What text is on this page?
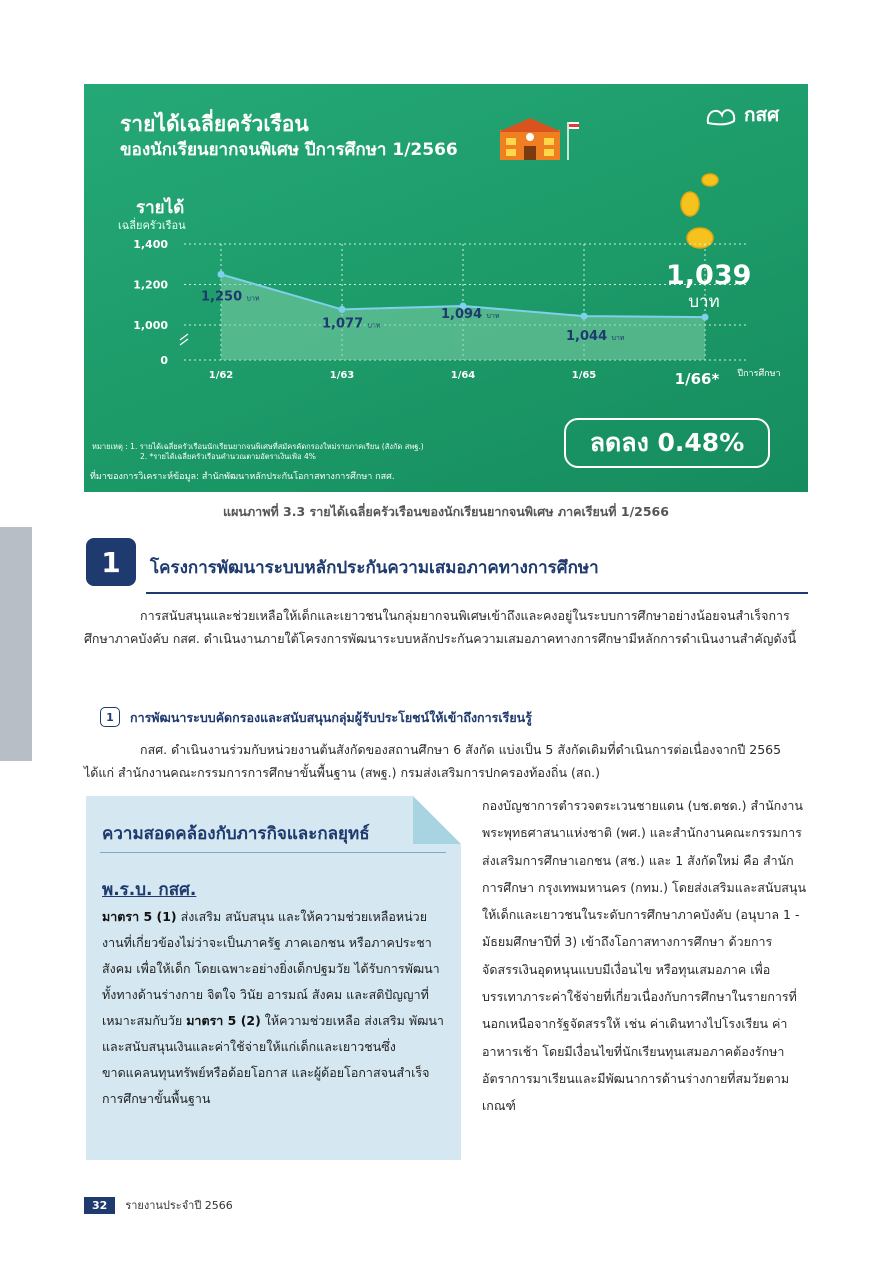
รายได้เฉลี่ยครัวเรือน
ของนักเรียนยากจนพิเศษ ปีการศึกษา 1/2566
กสศ
รายได้
เฉลี่ยครัวเรือน
0
1,000
1,200
1,400
1,250 บาท
1,077 บาท
1,094 บาท
1,044 บาท
1/62	1/63	1/64	1/65	1/66* ปีการศึกษา
1,039
บาท
หมายเหตุ : 1. รายได้เฉลี่ยครัวเรือนนักเรียนยากจนพิเศษที่สมัครคัดกรองใหม่รายภาคเรียน (สังกัด สพฐ.)
2. *รายได้เฉลี่ยครัวเรือนคำนวณตามอัตราเงินเฟ้อ 4%
ที่มาของการวิเคราะห์ข้อมูล: สำนักพัฒนาหลักประกันโอกาสทางการศึกษา กสศ.
ลดลง 0.48%
แผนภาพที่ 3.3 รายได้เฉลี่ยครัวเรือนของนักเรียนยากจนพิเศษ ภาคเรียนที่ 1/2566
1	โครงการพัฒนาระบบหลักประกันความเสมอภาคทางการศึกษา
การสนับสนุนและช่วยเหลือให้เด็กและเยาวชนในกลุ่มยากจนพิเศษเข้าถึงและคงอยู่ในระบบการศึกษาอย่างน้อยจนสำเร็จการศึกษาภาคบังคับ กสศ. ดำเนินงานภายใต้โครงการพัฒนาระบบหลักประกันความเสมอภาคทางการศึกษามีหลักการดำเนินงานสำคัญดังนี้
1	การพัฒนาระบบคัดกรองและสนับสนุนกลุ่มผู้รับประโยชน์ให้เข้าถึงการเรียนรู้
กสศ. ดำเนินงานร่วมกับหน่วยงานต้นสังกัดของสถานศึกษา 6 สังกัด แบ่งเป็น 5 สังกัดเดิมที่ดำเนินการต่อเนื่องจากปี 2565 ได้แก่ สำนักงานคณะกรรมการการศึกษาขั้นพื้นฐาน (สพฐ.) กรมส่งเสริมการปกครองท้องถิ่น (สถ.)
ความสอดคล้องกับภารกิจและกลยุทธ์
พ.ร.บ. กสศ.
มาตรา 5 (1) ส่งเสริม สนับสนุน และให้ความช่วยเหลือหน่วยงานที่เกี่ยวข้องไม่ว่าจะเป็นภาครัฐ ภาคเอกชน หรือภาคประชาสังคม เพื่อให้เด็ก โดยเฉพาะอย่างยิ่งเด็กปฐมวัย ได้รับการพัฒนาทั้งทางด้านร่างกาย จิตใจ วินัย อารมณ์ สังคม และสติปัญญาที่เหมาะสมกับวัย มาตรา 5 (2) ให้ความช่วยเหลือ ส่งเสริม พัฒนาและสนับสนุนเงินและค่าใช้จ่ายให้แก่เด็กและเยาวชนซึ่งขาดแคลนทุนทรัพย์หรือด้อยโอกาส และผู้ด้อยโอกาสจนสำเร็จการศึกษาขั้นพื้นฐาน
กองบัญชาการตำรวจตระเวนชายแดน (บช.ตชด.) สำนักงานพระพุทธศาสนาแห่งชาติ (พศ.) และสำนักงานคณะกรรมการส่งเสริมการศึกษาเอกชน (สช.) และ 1 สังกัดใหม่ คือ สำนักการศึกษา กรุงเทพมหานคร (กทม.) โดยส่งเสริมและสนับสนุนให้เด็กและเยาวชนในระดับการศึกษาภาคบังคับ (อนุบาล 1 - มัธยมศึกษาปีที่ 3) เข้าถึงโอกาสทางการศึกษา ด้วยการจัดสรรเงินอุดหนุนแบบมีเงื่อนไข หรือทุนเสมอภาค เพื่อบรรเทาภาระค่าใช้จ่ายที่เกี่ยวเนื่องกับการศึกษาในรายการที่นอกเหนือจากรัฐจัดสรรให้ เช่น ค่าเดินทางไปโรงเรียน ค่าอาหารเช้า โดยมีเงื่อนไขที่นักเรียนทุนเสมอภาคต้องรักษาอัตราการมาเรียนและมีพัฒนาการด้านร่างกายที่สมวัยตามเกณฑ์
32	รายงานประจำปี 2566
